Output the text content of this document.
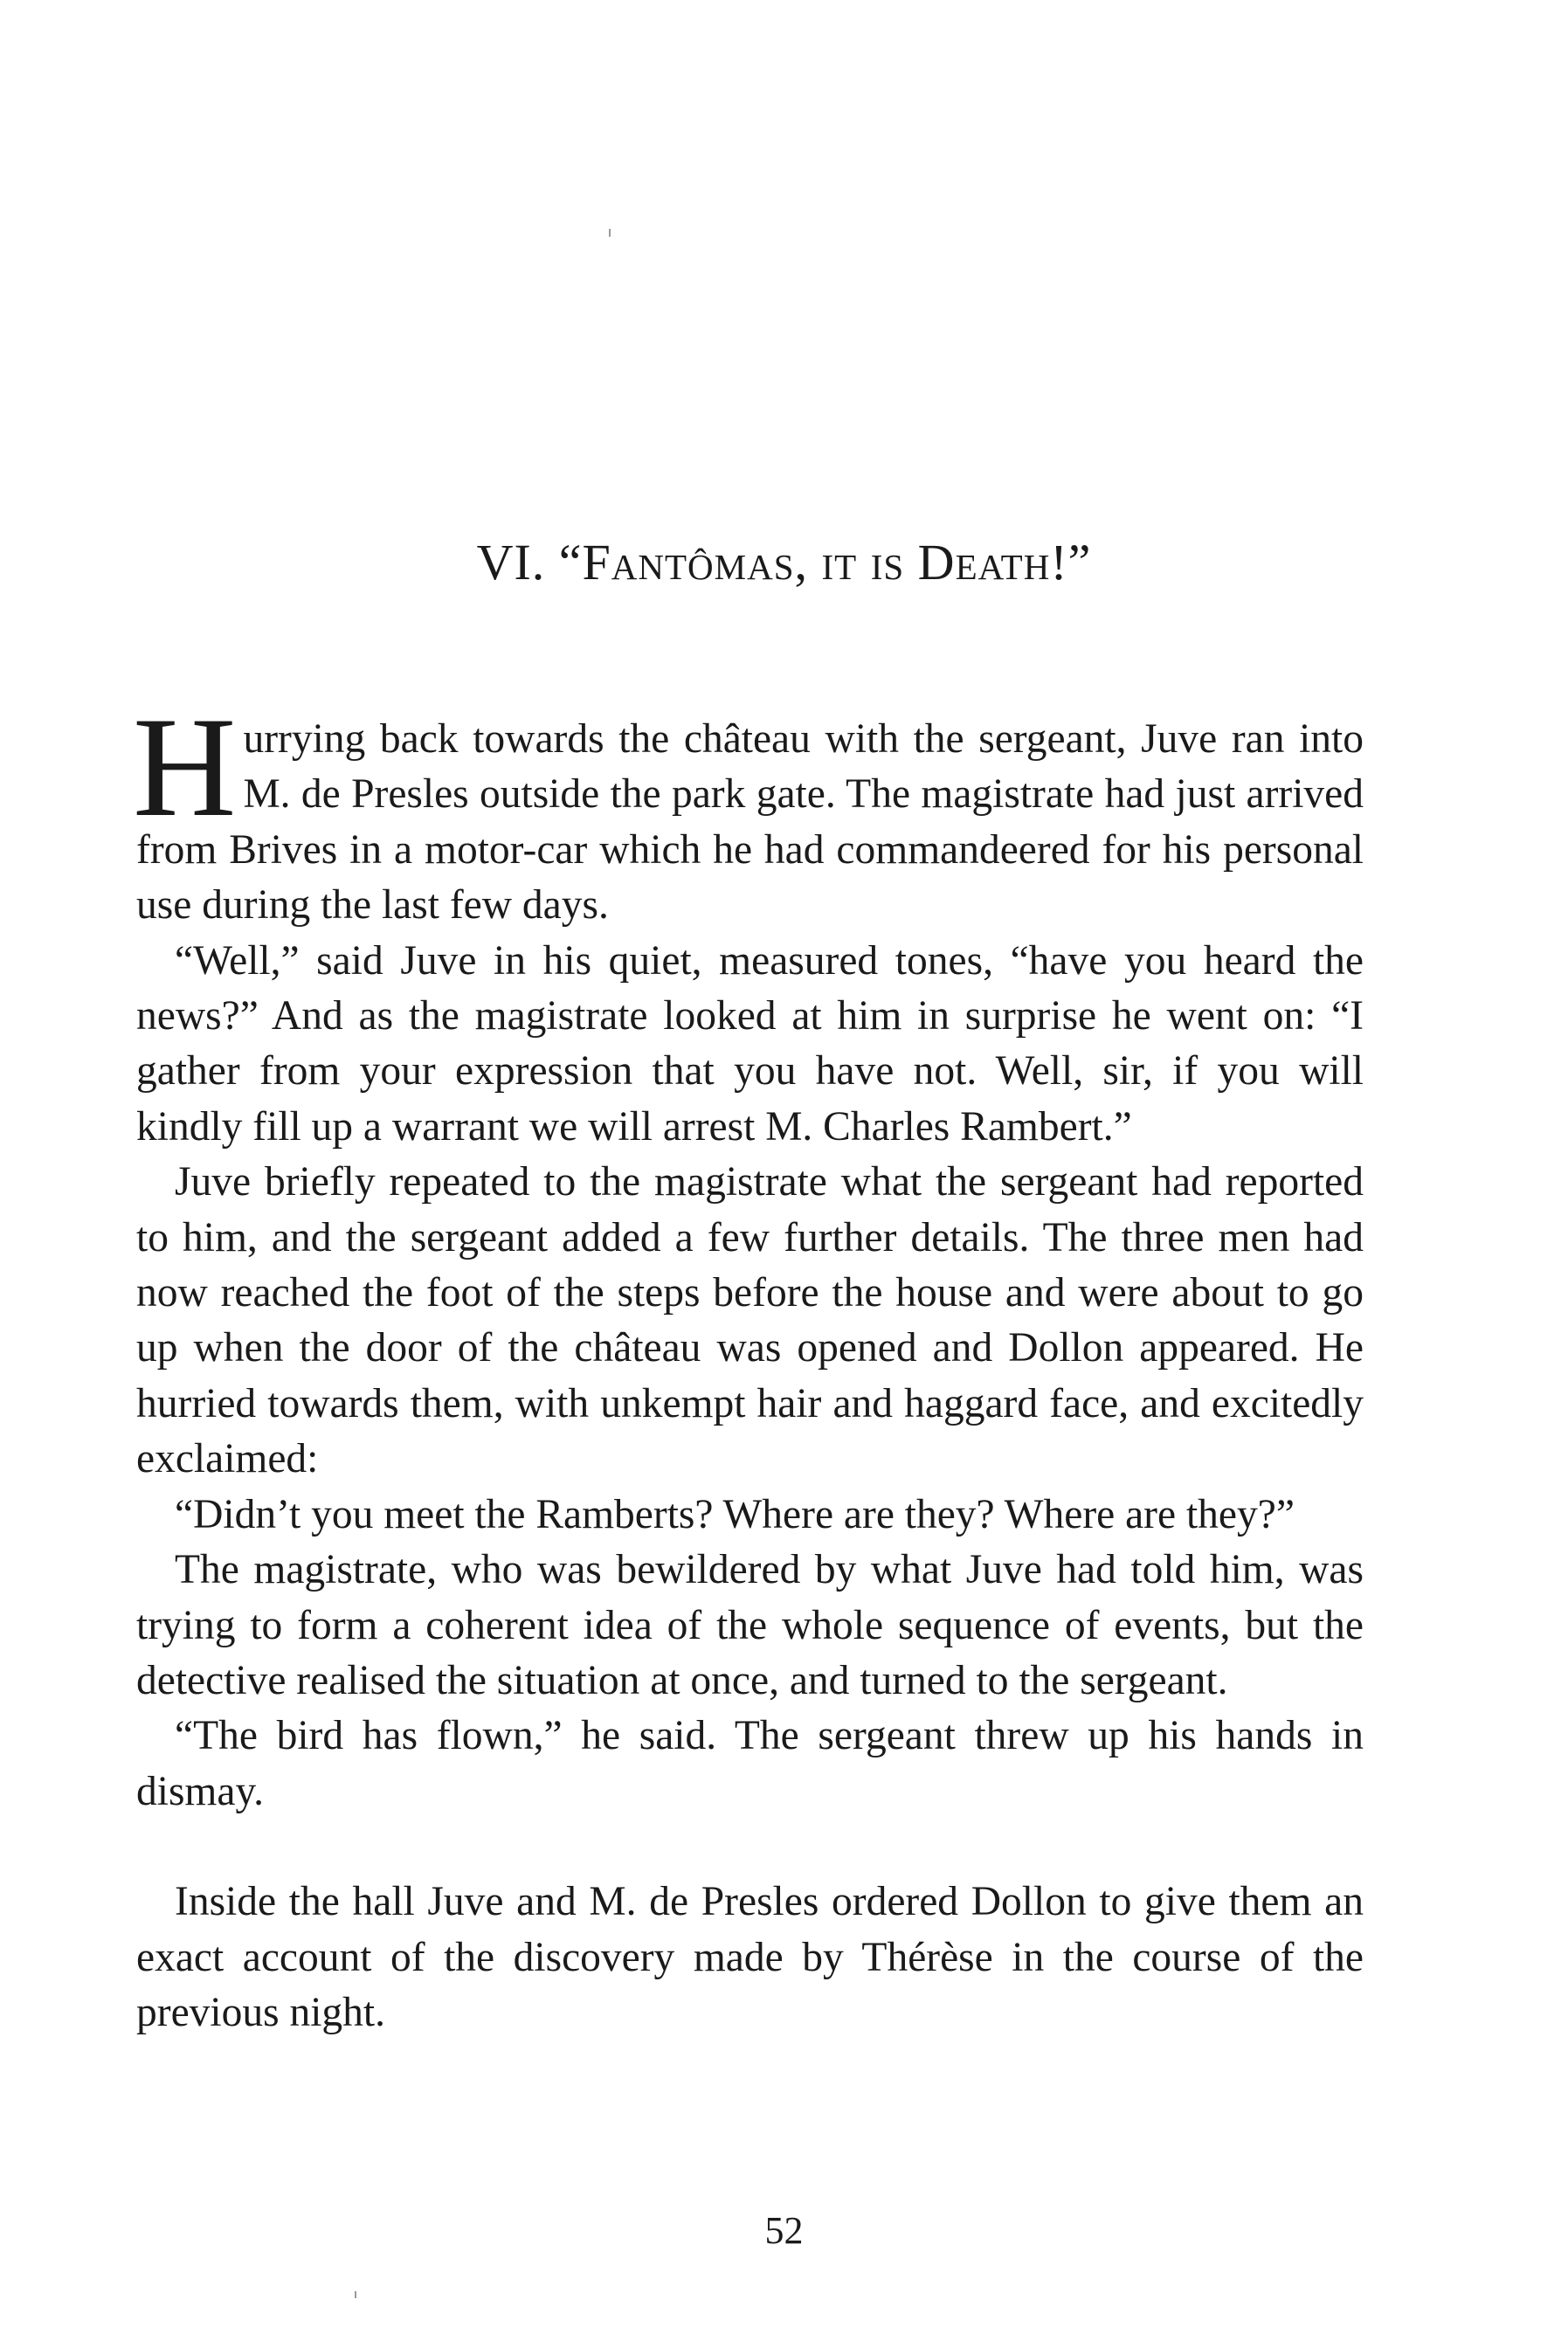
VI. “Fantômas, it is Death!”

Hurrying back towards the château with the sergeant, Juve ran into M. de Presles outside the park gate. The magistrate had just arrived from Brives in a motor-car which he had commandeered for his personal use during the last few days.

“Well,” said Juve in his quiet, measured tones, “have you heard the news?” And as the magistrate looked at him in surprise he went on: “I gather from your expression that you have not. Well, sir, if you will kindly fill up a warrant we will arrest M. Charles Rambert.”

Juve briefly repeated to the magistrate what the sergeant had reported to him, and the sergeant added a few further details. The three men had now reached the foot of the steps before the house and were about to go up when the door of the château was opened and Dollon appeared. He hurried towards them, with unkempt hair and haggard face, and excitedly exclaimed:

“Didn’t you meet the Ramberts? Where are they? Where are they?”

The magistrate, who was bewildered by what Juve had told him, was trying to form a coherent idea of the whole sequence of events, but the detective realised the situation at once, and turned to the sergeant.

“The bird has flown,” he said. The sergeant threw up his hands in dismay.

Inside the hall Juve and M. de Presles ordered Dollon to give them an exact account of the discovery made by Thérèse in the course of the previous night.

52
